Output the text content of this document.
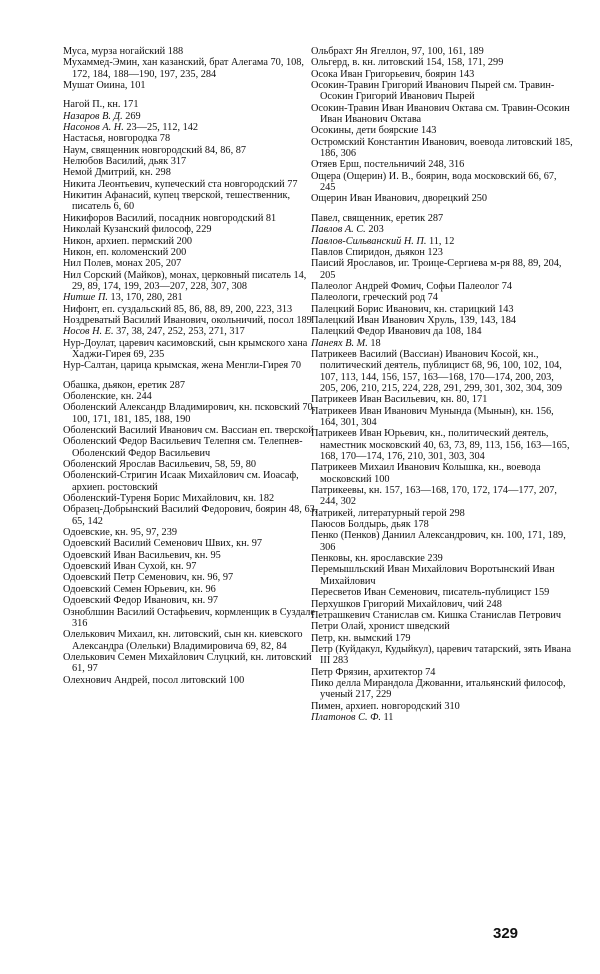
Муса, мурза ногайский 188
Мухаммед-Эмин, хан казанский, брат Алегама 70, 108, 172, 184, 188—190, 197, 235, 284
Мушат Оиина, 101
Нагой П., кн. 171
Назаров В. Д. 269
Насонов А. Н. 23—25, 112, 142
Настасья, новгородка 78
Наум, священник новгородский 84, 86, 87
Нелюбов Василий, дьяк 317
Немой Дмитрий, кн. 298
Никита Леонтьевич, купеческий ста новгородский 77
Никитин Афанасий, купец тверской, тешественник, писатель 6, 60
Никифоров Василий, посадник новгородский 81
Николай Кузанский философ, 229
Никон, архиеп. пермский 200
Никон, еп. коломенский 200
Нил Полев, монах 205, 207
Нил Сорский (Майков), монах, церковный писатель 14, 29, 89, 174, 199, 203—207, 228, 307, 308
Нитше П. 13, 170, 280, 281
Нифонт, еп. суздальский 85, 86, 88, 89, 200, 223, 313
Ноздреватый Василий Иванович, окольничий, посол 189
Носов Н. Е. 37, 38, 247, 252, 253, 271, 317
Нур-Доулат, царевич касимовский, сын крымского хана Хаджи-Гирея 69, 235
Нур-Салтан, царица крымская, жена Менгли-Гирея 70
Обашка, дьякон, еретик 287
Оболенские, кн. 244
Оболенский Александр Владимирович, кн. псковский 70, 100, 171, 181, 185, 188, 190
Оболенский Василий Иванович см. Вассиан еп. тверской
Оболенский Федор Васильевич Телепня см. Телепнев-Оболенский Федор Васильевич
Оболенский Ярослав Васильевич, 58, 59, 80
Оболенский-Стригин Исаак Михайлович см. Иоасаф, архиеп. ростовский
Оболенский-Туреня Борис Михайлович, кн. 182
Образец-Добрынский Василий Федорович, боярин 48, 63, 65, 142
Одоевские, кн. 95, 97, 239
Одоевский Василий Семенович Швих, кн. 97
Одоевский Иван Васильевич, кн. 95
Одоевский Иван Сухой, кн. 97
Одоевский Петр Семенович, кн. 96, 97
Одоевский Семен Юрьевич, кн. 96
Одоевский Федор Иванович, кн. 97
Озноблшин Василий Остафьевич, кормленщик в Суздале 316
Олелькович Михаил, кн. литовский, сын кн. киевского Александра (Олельки) Владимировича 69, 82, 84
Олелькович Семен Михайлович Слуцкий, кн. литовский 61, 97
Олехнович Андрей, посол литовский 100
Ольбрахт Ян Ягеллон, 97, 100, 161, 189
Ольгерд, в. кн. литовский 154, 158, 171, 299
Осока Иван Григорьевич, боярин 143
Осокин-Травин Григорий Иванович Пырей см. Травин-Осокин Григорий Иванович Пырей
Осокин-Травин Иван Иванович Октава см. Травин-Осокин Иван Иванович Октава
Осокины, дети боярские 143
Остромский Константин Иванович, воевода литовский 185, 186, 306
Отяев Ерш, постельничий 248, 316
Ощера (Ощерин) И. В., боярин, вода московский 66, 67, 245
Ощерин Иван Иванович, дворецкий 250
Павел, священник, еретик 287
Павлов А. С. 203
Павлов-Сильванский Н. П. 11, 12
Павлов Спиридон, дьякон 123
Паисий Ярославов, иг. Троице-Сергиева м-ря 88, 89, 204, 205
Палеолог Андрей Фомич, Софьи Палеолог 74
Палеологи, греческий род 74
Палецкий Борис Иванович, кн. старицкий 143
Палецкий Иван Иванович Хруль, 139, 143, 184
Палецкий Федор Иванович да 108, 184
Панеях В. М. 18
Патрикеев Василий (Вассиан) Иванович Косой, кн., политический деятель, публицист 68, 96, 100, 102, 104, 107, 113, 144, 156, 157, 163—168, 170—174, 200, 203, 205, 206, 210, 215, 224, 228, 291, 299, 301, 302, 304, 309
Патрикеев Иван Васильевич, кн. 80, 171
Патрикеев Иван Иванович Мунында (Мынын), кн. 156, 164, 301, 304
Патрикеев Иван Юрьевич, кн., политический деятель, наместник московский 40, 63, 73, 89, 113, 156, 163—165, 168, 170—174, 176, 210, 301, 303, 304
Патрикеев Михаил Иванович Колышка, кн., воевода московский 100
Патрикеевы, кн. 157, 163—168, 170, 172, 174—177, 207, 244, 302
Патрикей, литературный герой 298
Паюсов Болдырь, дьяк 178
Пенко (Пенков) Даниил Александрович, кн. 100, 171, 189, 306
Пенковы, кн. ярославские 239
Перемышльский Иван Михайлович Воротынский Иван Михайлович
Пересветов Иван Семенович, писатель-публицист 159
Перхушков Григорий Михайлович, чий 248
Петрашкевич Станислав см. Кишка Станислав Петрович
Петри Олай, хронист шведский
Петр, кн. вымский 179
Петр (Куйдакул, Кудыйкул), царевич татарский, зять Ивана III 283
Петр Фрязин, архитектор 74
Пико делла Мирандола Джованни, итальянский философ, ученый 217, 229
Пимен, архиеп. новгородский 310
Платонов С. Ф. 11
329
